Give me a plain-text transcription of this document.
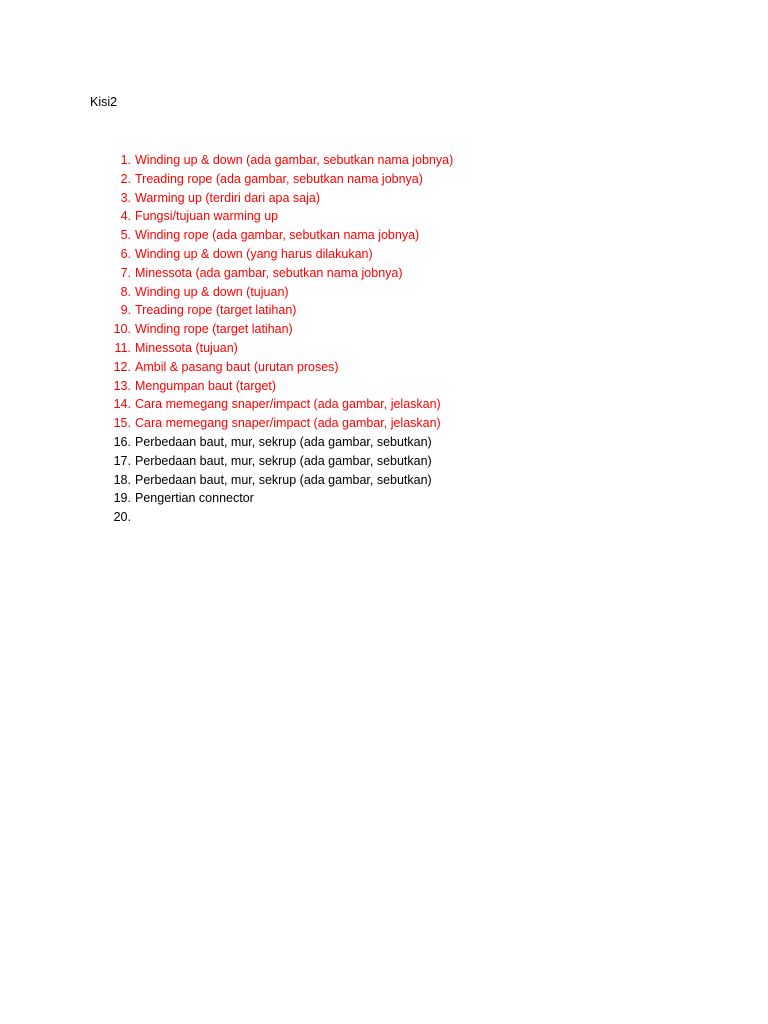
Kisi2
1. Winding up & down (ada gambar, sebutkan nama jobnya)
2. Treading rope (ada gambar, sebutkan nama jobnya)
3. Warming up (terdiri dari apa saja)
4. Fungsi/tujuan warming up
5. Winding rope (ada gambar, sebutkan nama jobnya)
6. Winding up & down (yang harus dilakukan)
7. Minessota (ada gambar, sebutkan nama jobnya)
8. Winding up & down (tujuan)
9. Treading rope (target latihan)
10. Winding rope (target latihan)
11. Minessota (tujuan)
12. Ambil & pasang baut (urutan proses)
13. Mengumpan baut (target)
14. Cara memegang snaper/impact (ada gambar, jelaskan)
15. Cara memegang snaper/impact (ada gambar, jelaskan)
16. Perbedaan baut, mur, sekrup (ada gambar, sebutkan)
17. Perbedaan baut, mur, sekrup (ada gambar, sebutkan)
18. Perbedaan baut, mur, sekrup (ada gambar, sebutkan)
19. Pengertian connector
20.
